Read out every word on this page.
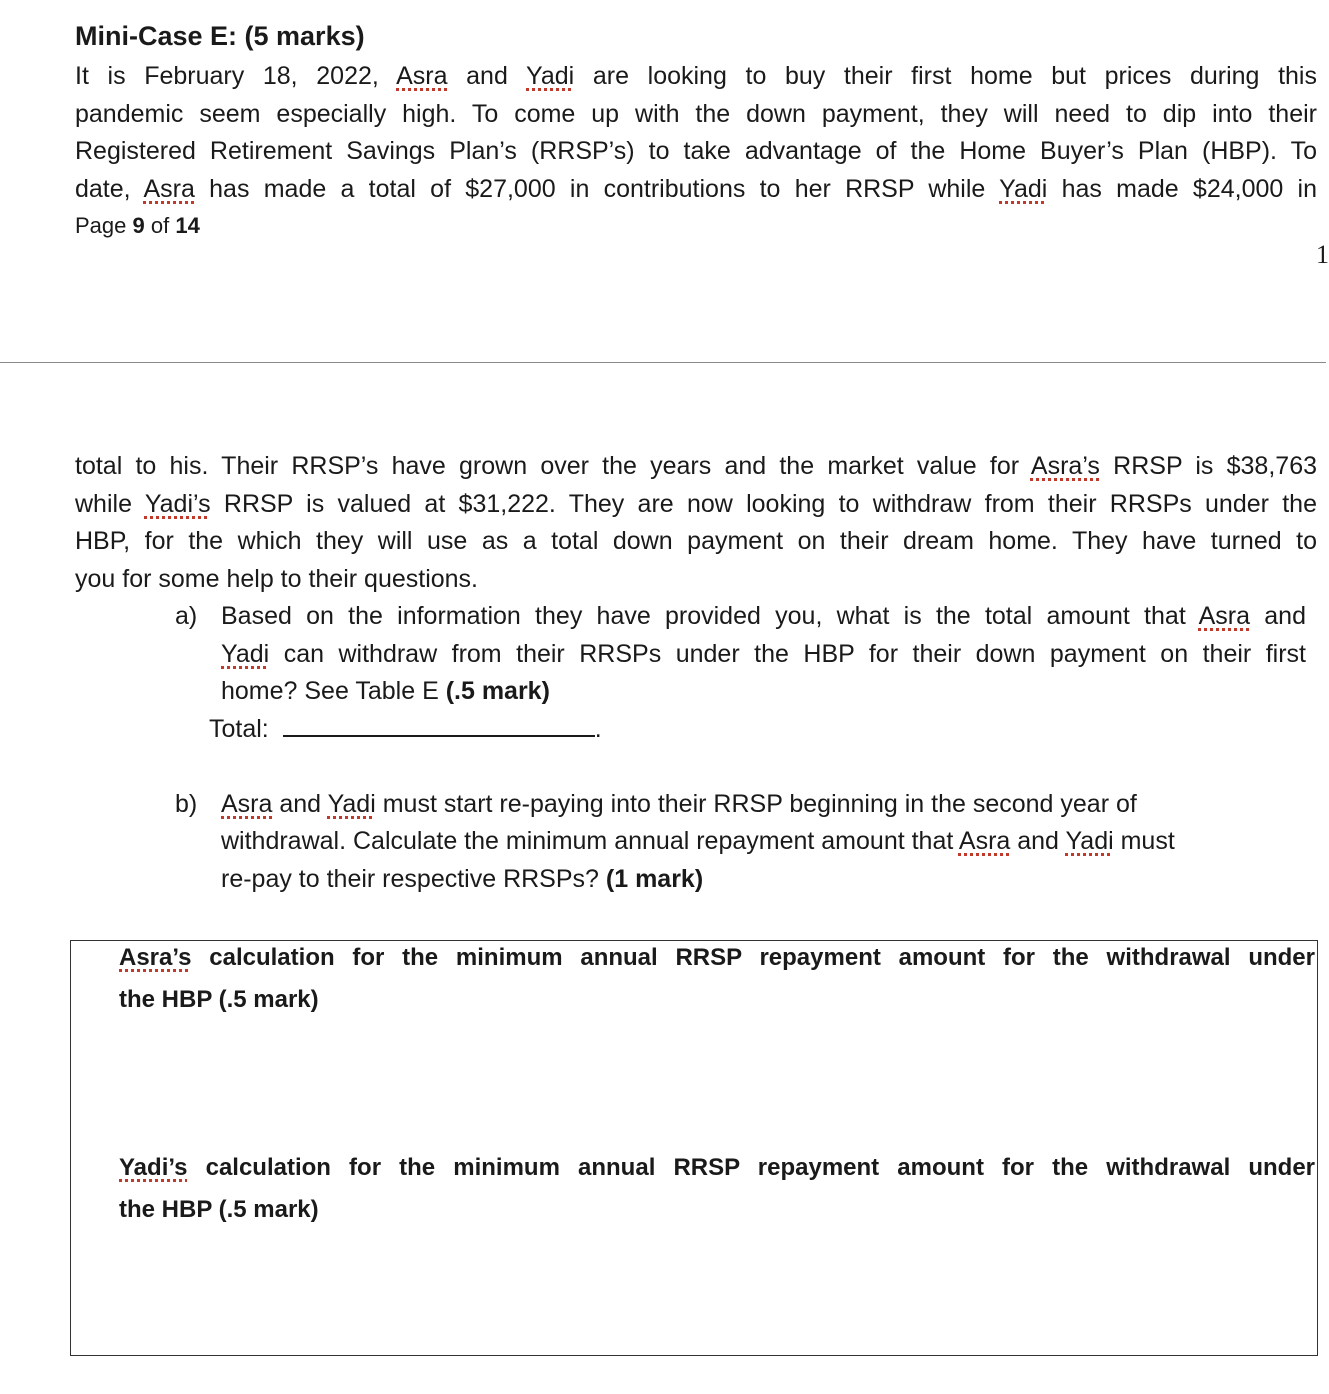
Mini-Case E: (5 marks)
It is February 18, 2022, Asra and Yadi are looking to buy their first home but prices during this
pandemic seem especially high. To come up with the down payment, they will need to dip into their
Registered Retirement Savings Plan’s (RRSP’s) to take advantage of the Home Buyer’s Plan (HBP). To
date, Asra has made a total of $27,000 in contributions to her RRSP while Yadi has made $24,000 in
Page 9 of 14
1
total to his. Their RRSP’s have grown over the years and the market value for Asra’s RRSP is $38,763
while Yadi’s RRSP is valued at $31,222. They are now looking to withdraw from their RRSPs under the
HBP, for the which they will use as a total down payment on their dream home. They have turned to
you for some help to their questions.
a) Based on the information they have provided you, what is the total amount that Asra and
Yadi can withdraw from their RRSPs under the HBP for their down payment on their first
home? See Table E (.5 mark)
Total:	.
b) Asra and Yadi must start re-paying into their RRSP beginning in the second year of
withdrawal. Calculate the minimum annual repayment amount that Asra and Yadi must
re-pay to their respective RRSPs? (1 mark)
Asra’s calculation for the minimum annual RRSP repayment amount for the withdrawal under
the HBP (.5 mark)
Yadi’s calculation for the minimum annual RRSP repayment amount for the withdrawal under
the HBP (.5 mark)
